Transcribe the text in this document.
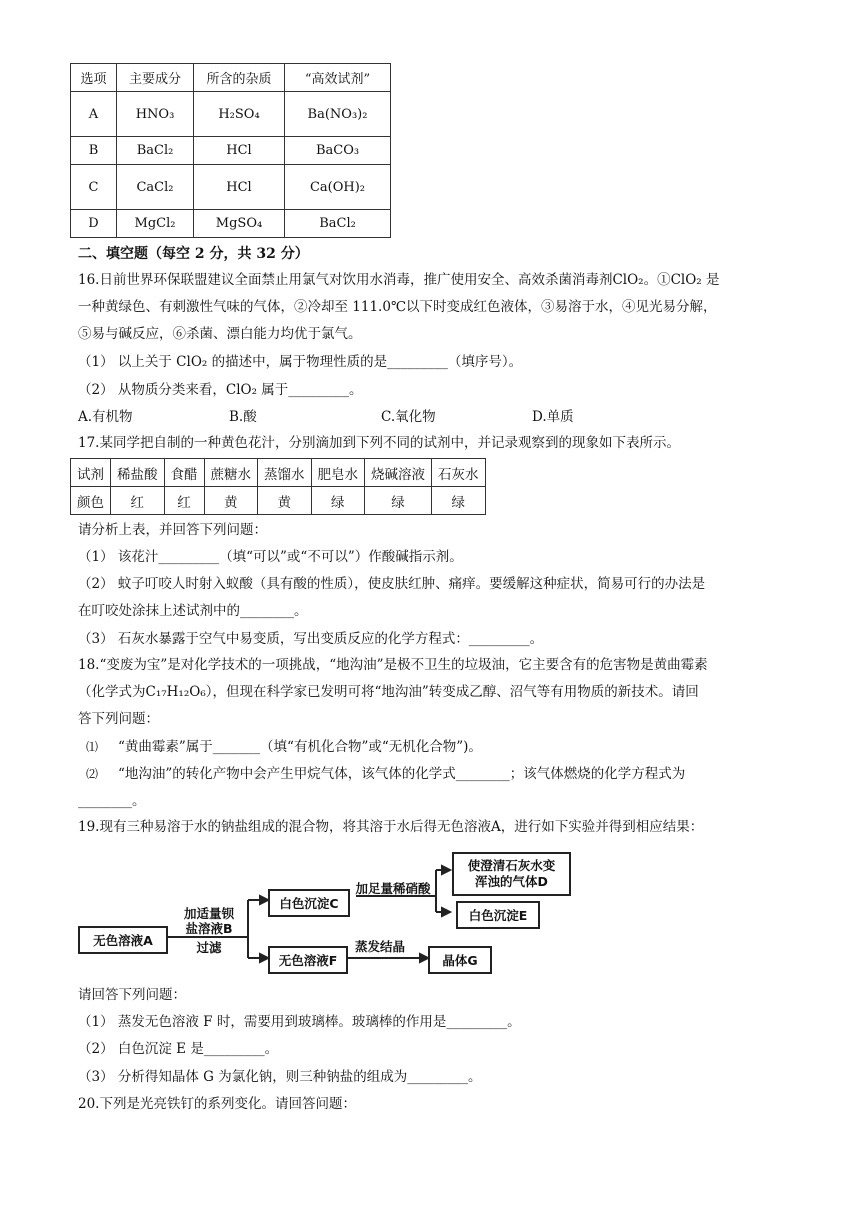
选项	主要成分	所含的杂质	“高效试剂”
A	HNO₃	H₂SO₄	Ba(NO₃)₂
B	BaCl₂	HCl	BaCO₃
C	CaCl₂	HCl	Ca(OH)₂
D	MgCl₂	MgSO₄	BaCl₂
二、填空题（每空 2 分，共 32 分）
16.日前世界环保联盟建议全面禁止用氯气对饮用水消毒，推广使用安全、高效杀菌消毒剂ClO₂。①ClO₂ 是
一种黄绿色、有刺激性气味的气体，②冷却至 111.0℃以下时变成红色液体，③易溶于水，④见光易分解，
⑤易与碱反应，⑥杀菌、漂白能力均优于氯气。
（1） 以上关于 ClO₂ 的描述中，属于物理性质的是_________（填序号）。
（2） 从物质分类来看，ClO₂ 属于_________。
A.有机物	B.酸	C.氧化物	D.单质
17.某同学把自制的一种黄色花汁，分别滴加到下列不同的试剂中，并记录观察到的现象如下表所示。
试剂	稀盐酸	食醋	蔗糖水	蒸馏水	肥皂水	烧碱溶液	石灰水
颜色	红	红	黄	黄	绿	绿	绿
请分析上表，并回答下列问题：
（1） 该花汁_________（填“可以”或“不可以”）作酸碱指示剂。
（2） 蚊子叮咬人时射入蚁酸（具有酸的性质），使皮肤红肿、痛痒。要缓解这种症状，简易可行的办法是
在叮咬处涂抹上述试剂中的________。
（3） 石灰水暴露于空气中易变质，写出变质反应的化学方程式：_________。
18.“变废为宝”是对化学技术的一项挑战，“地沟油”是极不卫生的垃圾油，它主要含有的危害物是黄曲霉素
（化学式为C₁₇H₁₂O₆），但现在科学家已发明可将“地沟油”转变成乙醇、沼气等有用物质的新技术。请回
答下列问题：
⑴ “黄曲霉素”属于_______（填“有机化合物”或“无机化合物”)。
⑵ “地沟油”的转化产物中会产生甲烷气体，该气体的化学式________；该气体燃烧的化学方程式为
________。
19.现有三种易溶于水的钠盐组成的混合物，将其溶于水后得无色溶液A，进行如下实验并得到相应结果：
无色溶液A
加适量钡
盐溶液B
过滤
白色沉淀C
加足量稀硝酸
使澄清石灰水变
浑浊的气体D
白色沉淀E
无色溶液F
蒸发结晶
晶体G
请回答下列问题：
（1） 蒸发无色溶液 F 时，需要用到玻璃棒。玻璃棒的作用是_________。
（2） 白色沉淀 E 是_________。
（3） 分析得知晶体 G 为氯化钠，则三种钠盐的组成为_________。
20.下列是光亮铁钉的系列变化。请回答问题：
